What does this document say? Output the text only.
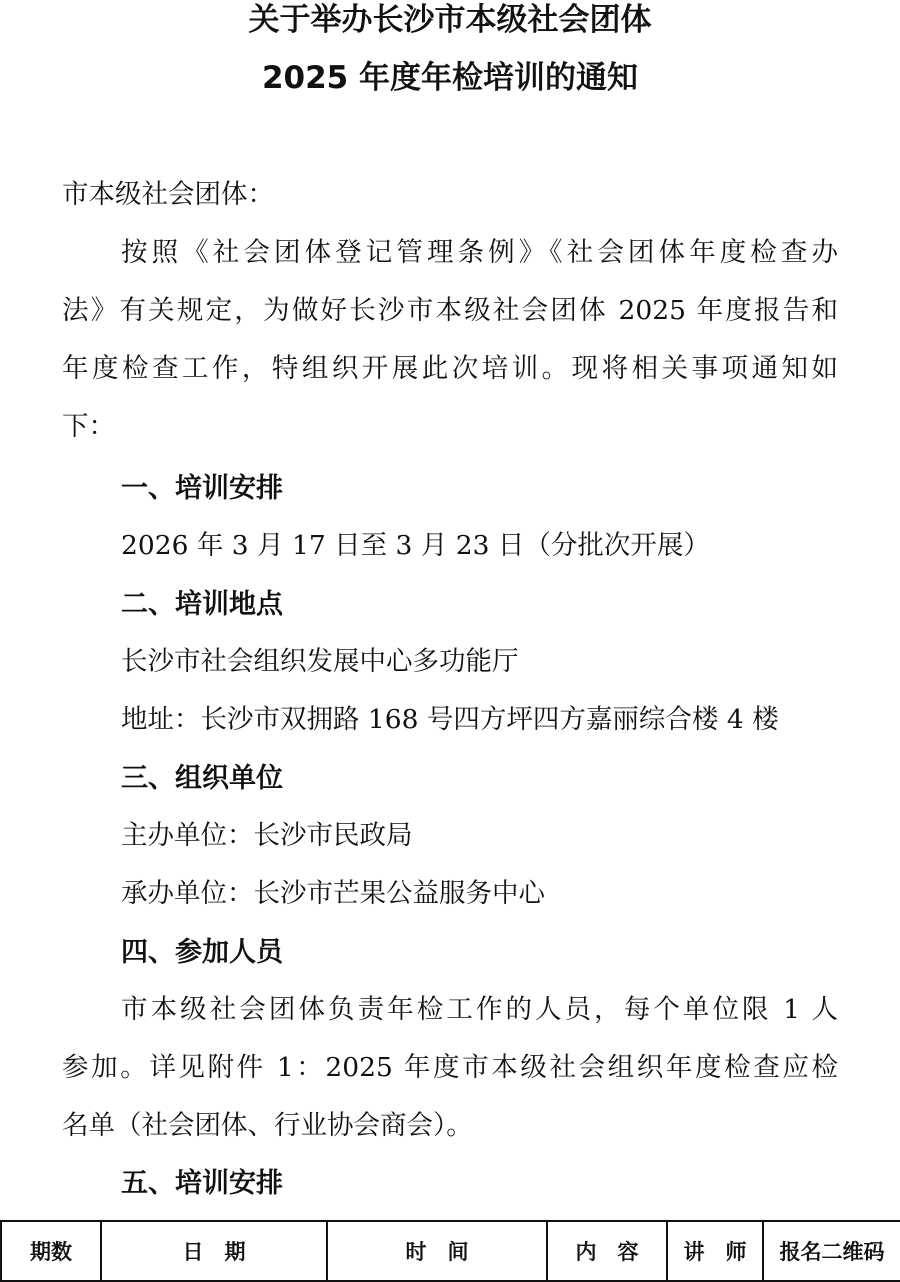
关于举办长沙市本级社会团体
2025 年度年检培训的通知

市本级社会团体：

按照《社会团体登记管理条例》《社会团体年度检查办

法》有关规定，为做好长沙市本级社会团体 2025 年度报告和

年度检查工作，特组织开展此次培训。现将相关事项通知如

下：

一、培训安排

2026 年 3 月 17 日至 3 月 23 日（分批次开展）

二、培训地点

长沙市社会组织发展中心多功能厅

地址：长沙市双拥路 168 号四方坪四方嘉丽综合楼 4 楼

三、组织单位

主办单位：长沙市民政局

承办单位：长沙市芒果公益服务中心

四、参加人员

市本级社会团体负责年检工作的人员，每个单位限 1 人

参加。详见附件 1：2025 年度市本级社会组织年度检查应检

名单（社会团体、行业协会商会）。

五、培训安排
期数	日　期	时　间	内　容	讲　师	报名二维码
